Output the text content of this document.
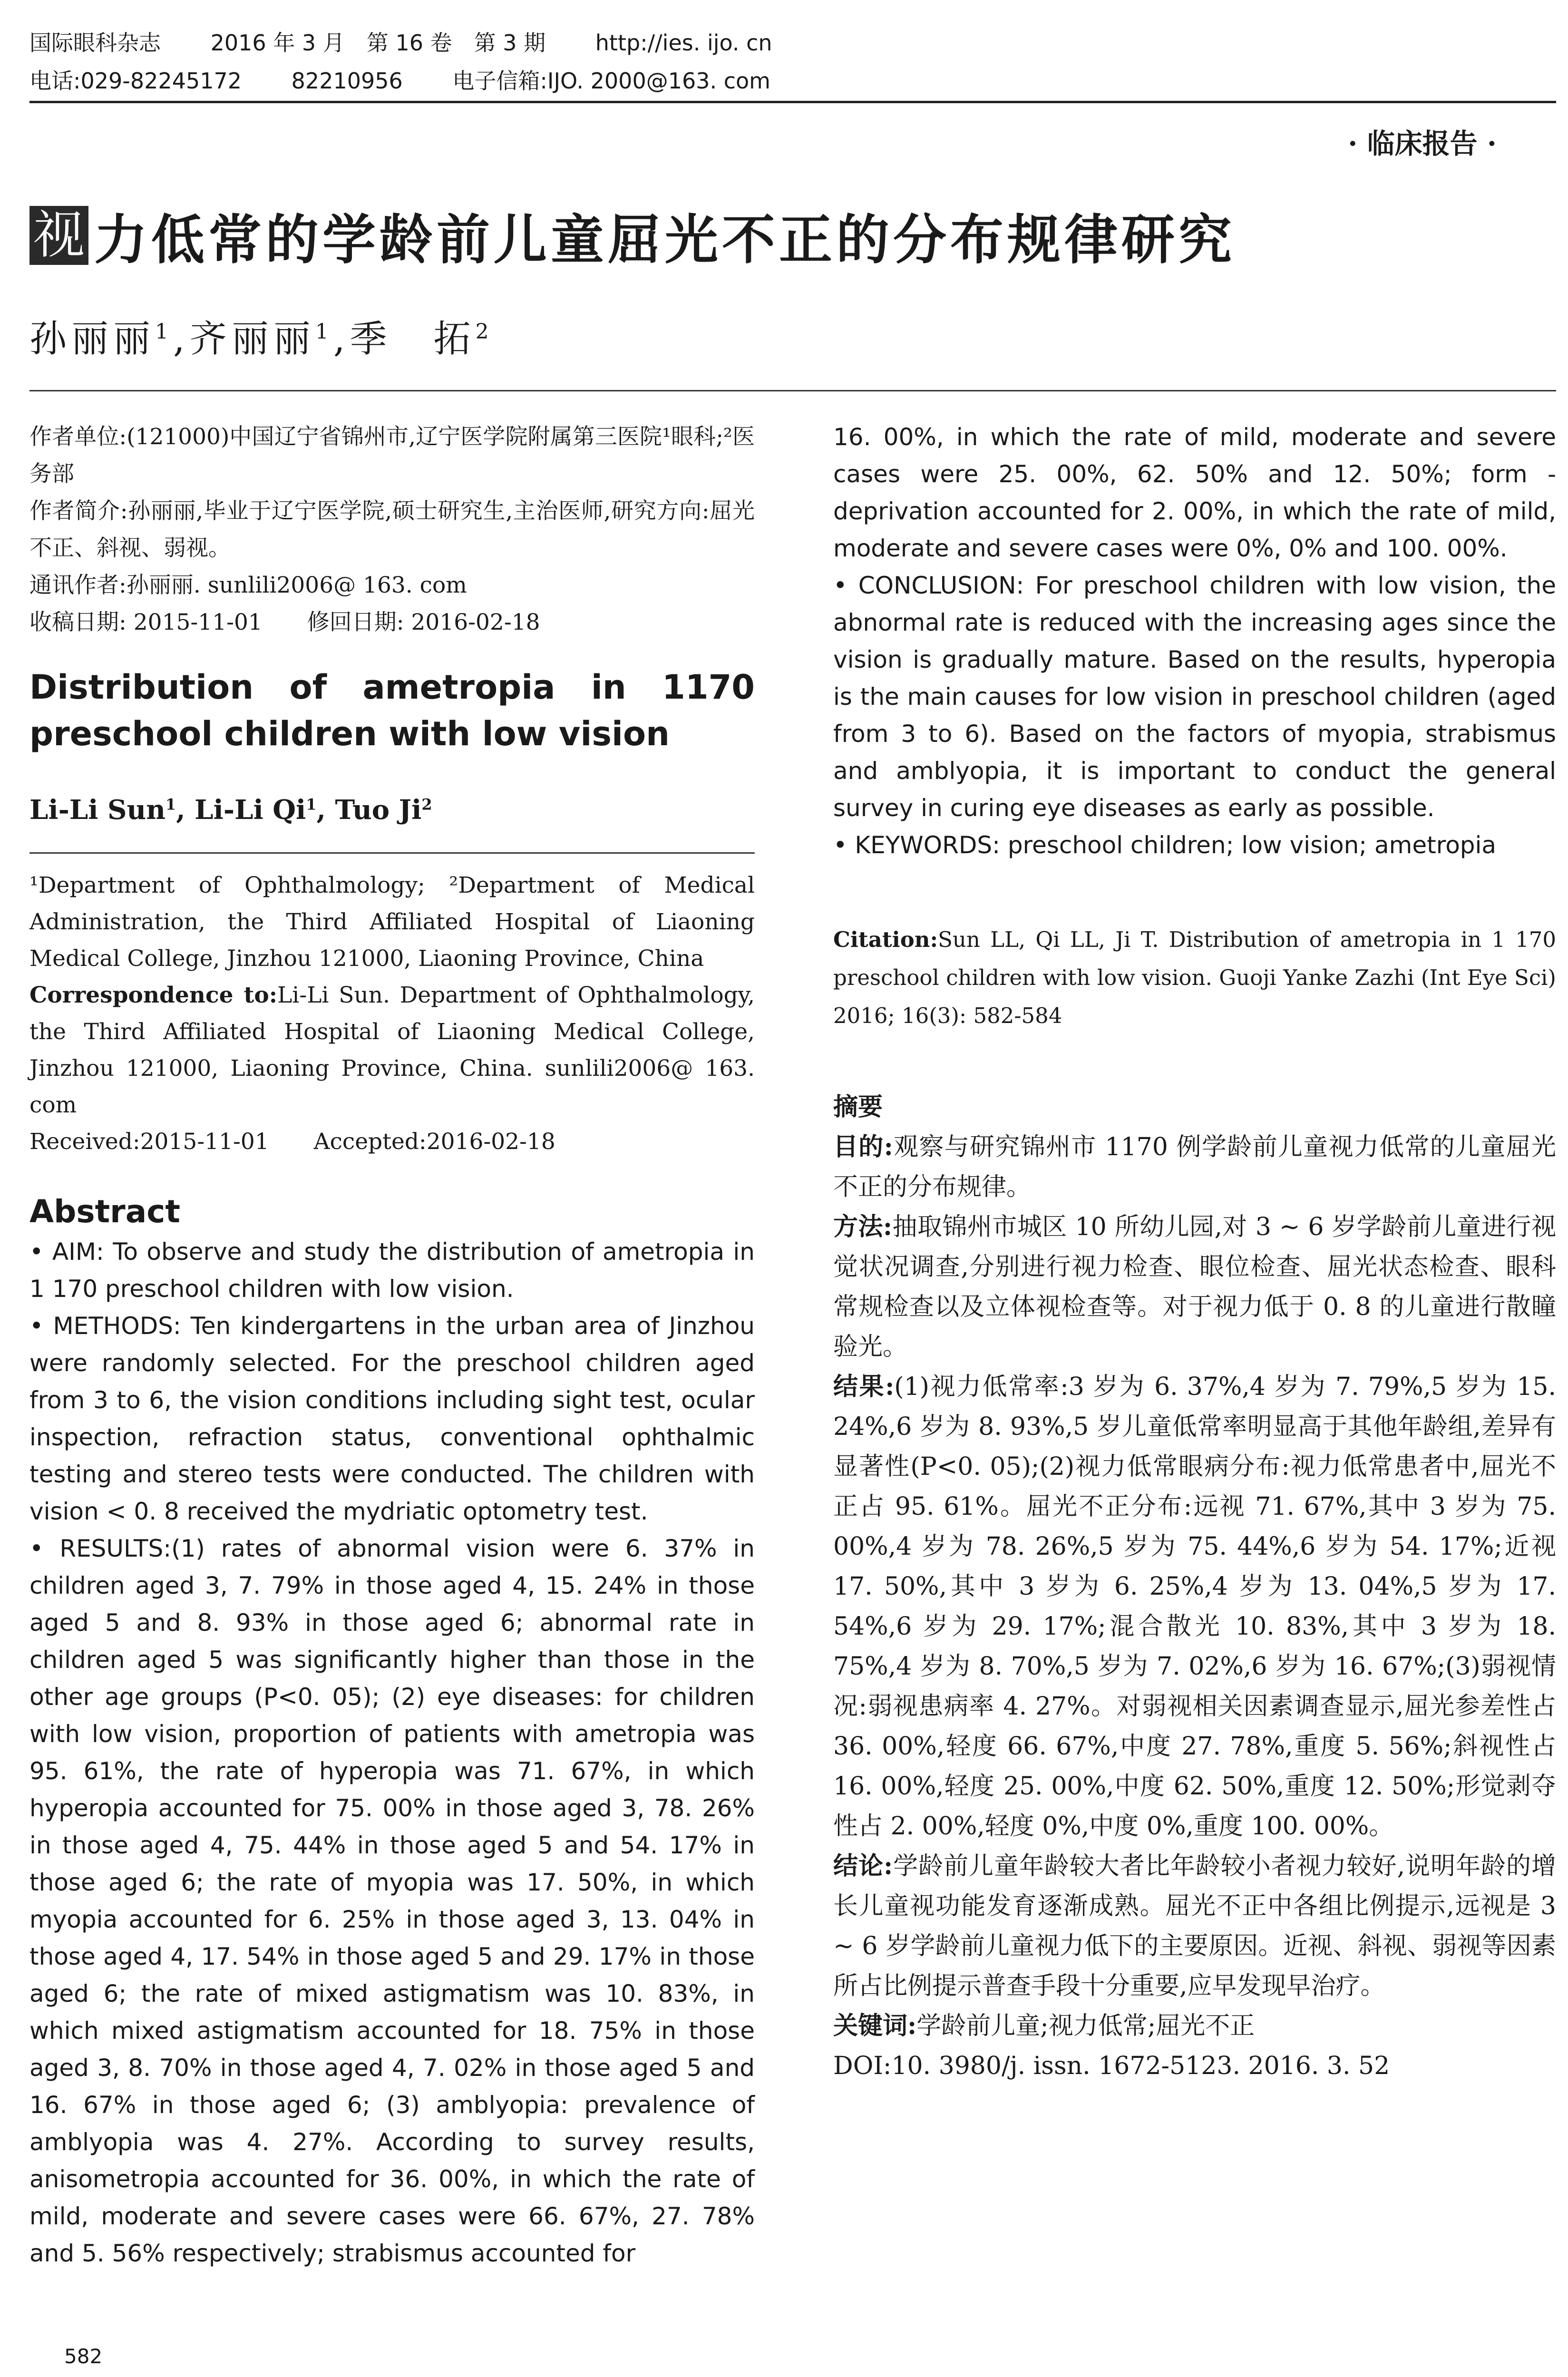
国际眼科杂志 2016 年 3 月　第 16 卷　第 3 期 http://ies. ijo. cn
电话:029-82245172 82210956 电子信箱:IJO. 2000@163. com
· 临床报告 ·
视 力低常的学龄前儿童屈光不正的分布规律研究
孙丽丽$^1$,齐丽丽$^1$,季　拓$^2$
作者单位:(121000)中国辽宁省锦州市,辽宁医学院附属第三医院¹眼科;²医务部
作者简介:孙丽丽,毕业于辽宁医学院,硕士研究生,主治医师,研究方向:屈光不正、斜视、弱视。
通讯作者:孙丽丽. sunlili2006@ 163. com
收稿日期: 2015-11-01　　修回日期: 2016-02-18
Distribution of ametropia in 1170
preschool children with low vision
Li-Li Sun$^1$, Li-Li Qi$^1$, Tuo Ji$^2$
¹Department of Ophthalmology; ²Department of Medical Administration, the Third Affiliated Hospital of Liaoning Medical College, Jinzhou 121000, Liaoning Province, China
Correspondence to:Li-Li Sun. Department of Ophthalmology, the Third Affiliated Hospital of Liaoning Medical College, Jinzhou 121000, Liaoning Province, China. sunlili2006@ 163. com
Received:2015-11-01　　Accepted:2016-02-18
Abstract
• AIM: To observe and study the distribution of ametropia in 1 170 preschool children with low vision.
• METHODS: Ten kindergartens in the urban area of Jinzhou were randomly selected. For the preschool children aged from 3 to 6, the vision conditions including sight test, ocular inspection, refraction status, conventional ophthalmic testing and stereo tests were conducted. The children with vision < 0. 8 received the mydriatic optometry test.
• RESULTS:(1) rates of abnormal vision were 6. 37% in children aged 3, 7. 79% in those aged 4, 15. 24% in those aged 5 and 8. 93% in those aged 6; abnormal rate in children aged 5 was significantly higher than those in the other age groups (P<0. 05); (2) eye diseases: for children with low vision, proportion of patients with ametropia was 95. 61%, the rate of hyperopia was 71. 67%, in which hyperopia accounted for 75. 00% in those aged 3, 78. 26% in those aged 4, 75. 44% in those aged 5 and 54. 17% in those aged 6; the rate of myopia was 17. 50%, in which myopia accounted for 6. 25% in those aged 3, 13. 04% in those aged 4, 17. 54% in those aged 5 and 29. 17% in those aged 6; the rate of mixed astigmatism was 10. 83%, in which mixed astigmatism accounted for 18. 75% in those aged 3, 8. 70% in those aged 4, 7. 02% in those aged 5 and 16. 67% in those aged 6; (3) amblyopia: prevalence of amblyopia was 4. 27%. According to survey results, anisometropia accounted for 36. 00%, in which the rate of mild, moderate and severe cases were 66. 67%, 27. 78% and 5. 56% respectively; strabismus accounted for
16. 00%, in which the rate of mild, moderate and severe cases were 25. 00%, 62. 50% and 12. 50%; form - deprivation accounted for 2. 00%, in which the rate of mild, moderate and severe cases were 0%, 0% and 100. 00%.
• CONCLUSION: For preschool children with low vision, the abnormal rate is reduced with the increasing ages since the vision is gradually mature. Based on the results, hyperopia is the main causes for low vision in preschool children (aged from 3 to 6). Based on the factors of myopia, strabismus and amblyopia, it is important to conduct the general survey in curing eye diseases as early as possible.
• KEYWORDS: preschool children; low vision; ametropia
Citation:Sun LL, Qi LL, Ji T. Distribution of ametropia in 1 170 preschool children with low vision. Guoji Yanke Zazhi (Int Eye Sci) 2016; 16(3): 582-584
摘要
目的:观察与研究锦州市 1170 例学龄前儿童视力低常的儿童屈光不正的分布规律。
方法:抽取锦州市城区 10 所幼儿园,对 3 ~ 6 岁学龄前儿童进行视觉状况调查,分别进行视力检查、眼位检查、屈光状态检查、眼科常规检查以及立体视检查等。对于视力低于 0. 8 的儿童进行散瞳验光。
结果:(1)视力低常率:3 岁为 6. 37%,4 岁为 7. 79%,5 岁为 15. 24%,6 岁为 8. 93%,5 岁儿童低常率明显高于其他年龄组,差异有显著性(P<0. 05);(2)视力低常眼病分布:视力低常患者中,屈光不正占 95. 61%。屈光不正分布:远视 71. 67%,其中 3 岁为 75. 00%,4 岁为 78. 26%,5 岁为 75. 44%,6 岁为 54. 17%;近视 17. 50%,其中 3 岁为 6. 25%,4 岁为 13. 04%,5 岁为 17. 54%,6 岁为 29. 17%;混合散光 10. 83%,其中 3 岁为 18. 75%,4 岁为 8. 70%,5 岁为 7. 02%,6 岁为 16. 67%;(3)弱视情况:弱视患病率 4. 27%。对弱视相关因素调查显示,屈光参差性占 36. 00%,轻度 66. 67%,中度 27. 78%,重度 5. 56%;斜视性占 16. 00%,轻度 25. 00%,中度 62. 50%,重度 12. 50%;形觉剥夺性占 2. 00%,轻度 0%,中度 0%,重度 100. 00%。
结论:学龄前儿童年龄较大者比年龄较小者视力较好,说明年龄的增长儿童视功能发育逐渐成熟。屈光不正中各组比例提示,远视是 3 ~ 6 岁学龄前儿童视力低下的主要原因。近视、斜视、弱视等因素所占比例提示普查手段十分重要,应早发现早治疗。
关键词:学龄前儿童;视力低常;屈光不正
DOI:10. 3980/j. issn. 1672-5123. 2016. 3. 52
582
